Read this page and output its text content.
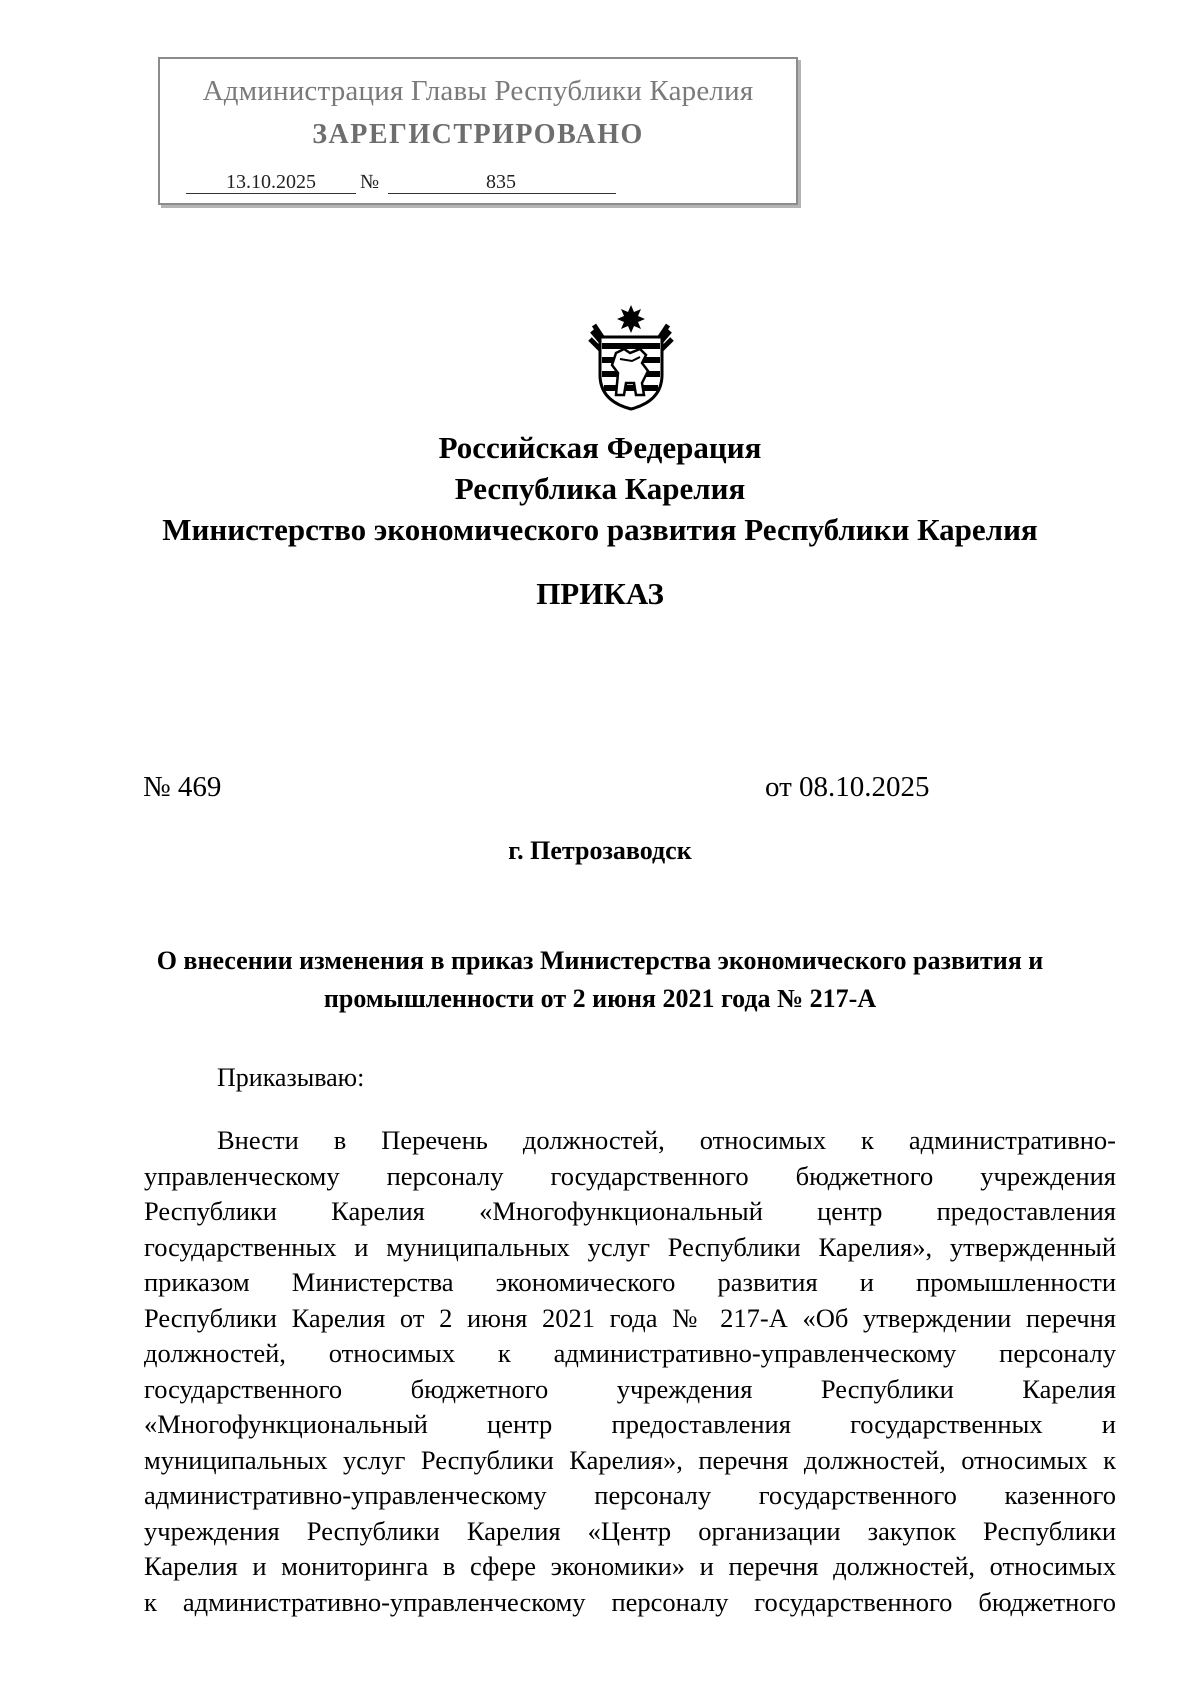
Администрация Главы Республики Карелия
ЗАРЕГИСТРИРОВАНО
13.10.2025	№	835
Российская Федерация
Республика Карелия
Министерство экономического развития Республики Карелия
ПРИКАЗ
№ 469	от 08.10.2025
г. Петрозаводск
О внесении изменения в приказ Министерства экономического развития и
промышленности от 2 июня 2021 года № 217-А
Приказываю:
Внести в Перечень должностей, относимых к административно-
управленческому персоналу государственного бюджетного учреждения
Республики Карелия «Многофункциональный центр предоставления
государственных и муниципальных услуг Республики Карелия», утвержденный
приказом Министерства экономического развития и промышленности
Республики Карелия от 2 июня 2021 года № 217-А «Об утверждении перечня
должностей, относимых к административно-управленческому персоналу
государственного бюджетного учреждения Республики Карелия
«Многофункциональный центр предоставления государственных и
муниципальных услуг Республики Карелия», перечня должностей, относимых к
административно-управленческому персоналу государственного казенного
учреждения Республики Карелия «Центр организации закупок Республики
Карелия и мониторинга в сфере экономики» и перечня должностей, относимых
к административно-управленческому персоналу государственного бюджетного
